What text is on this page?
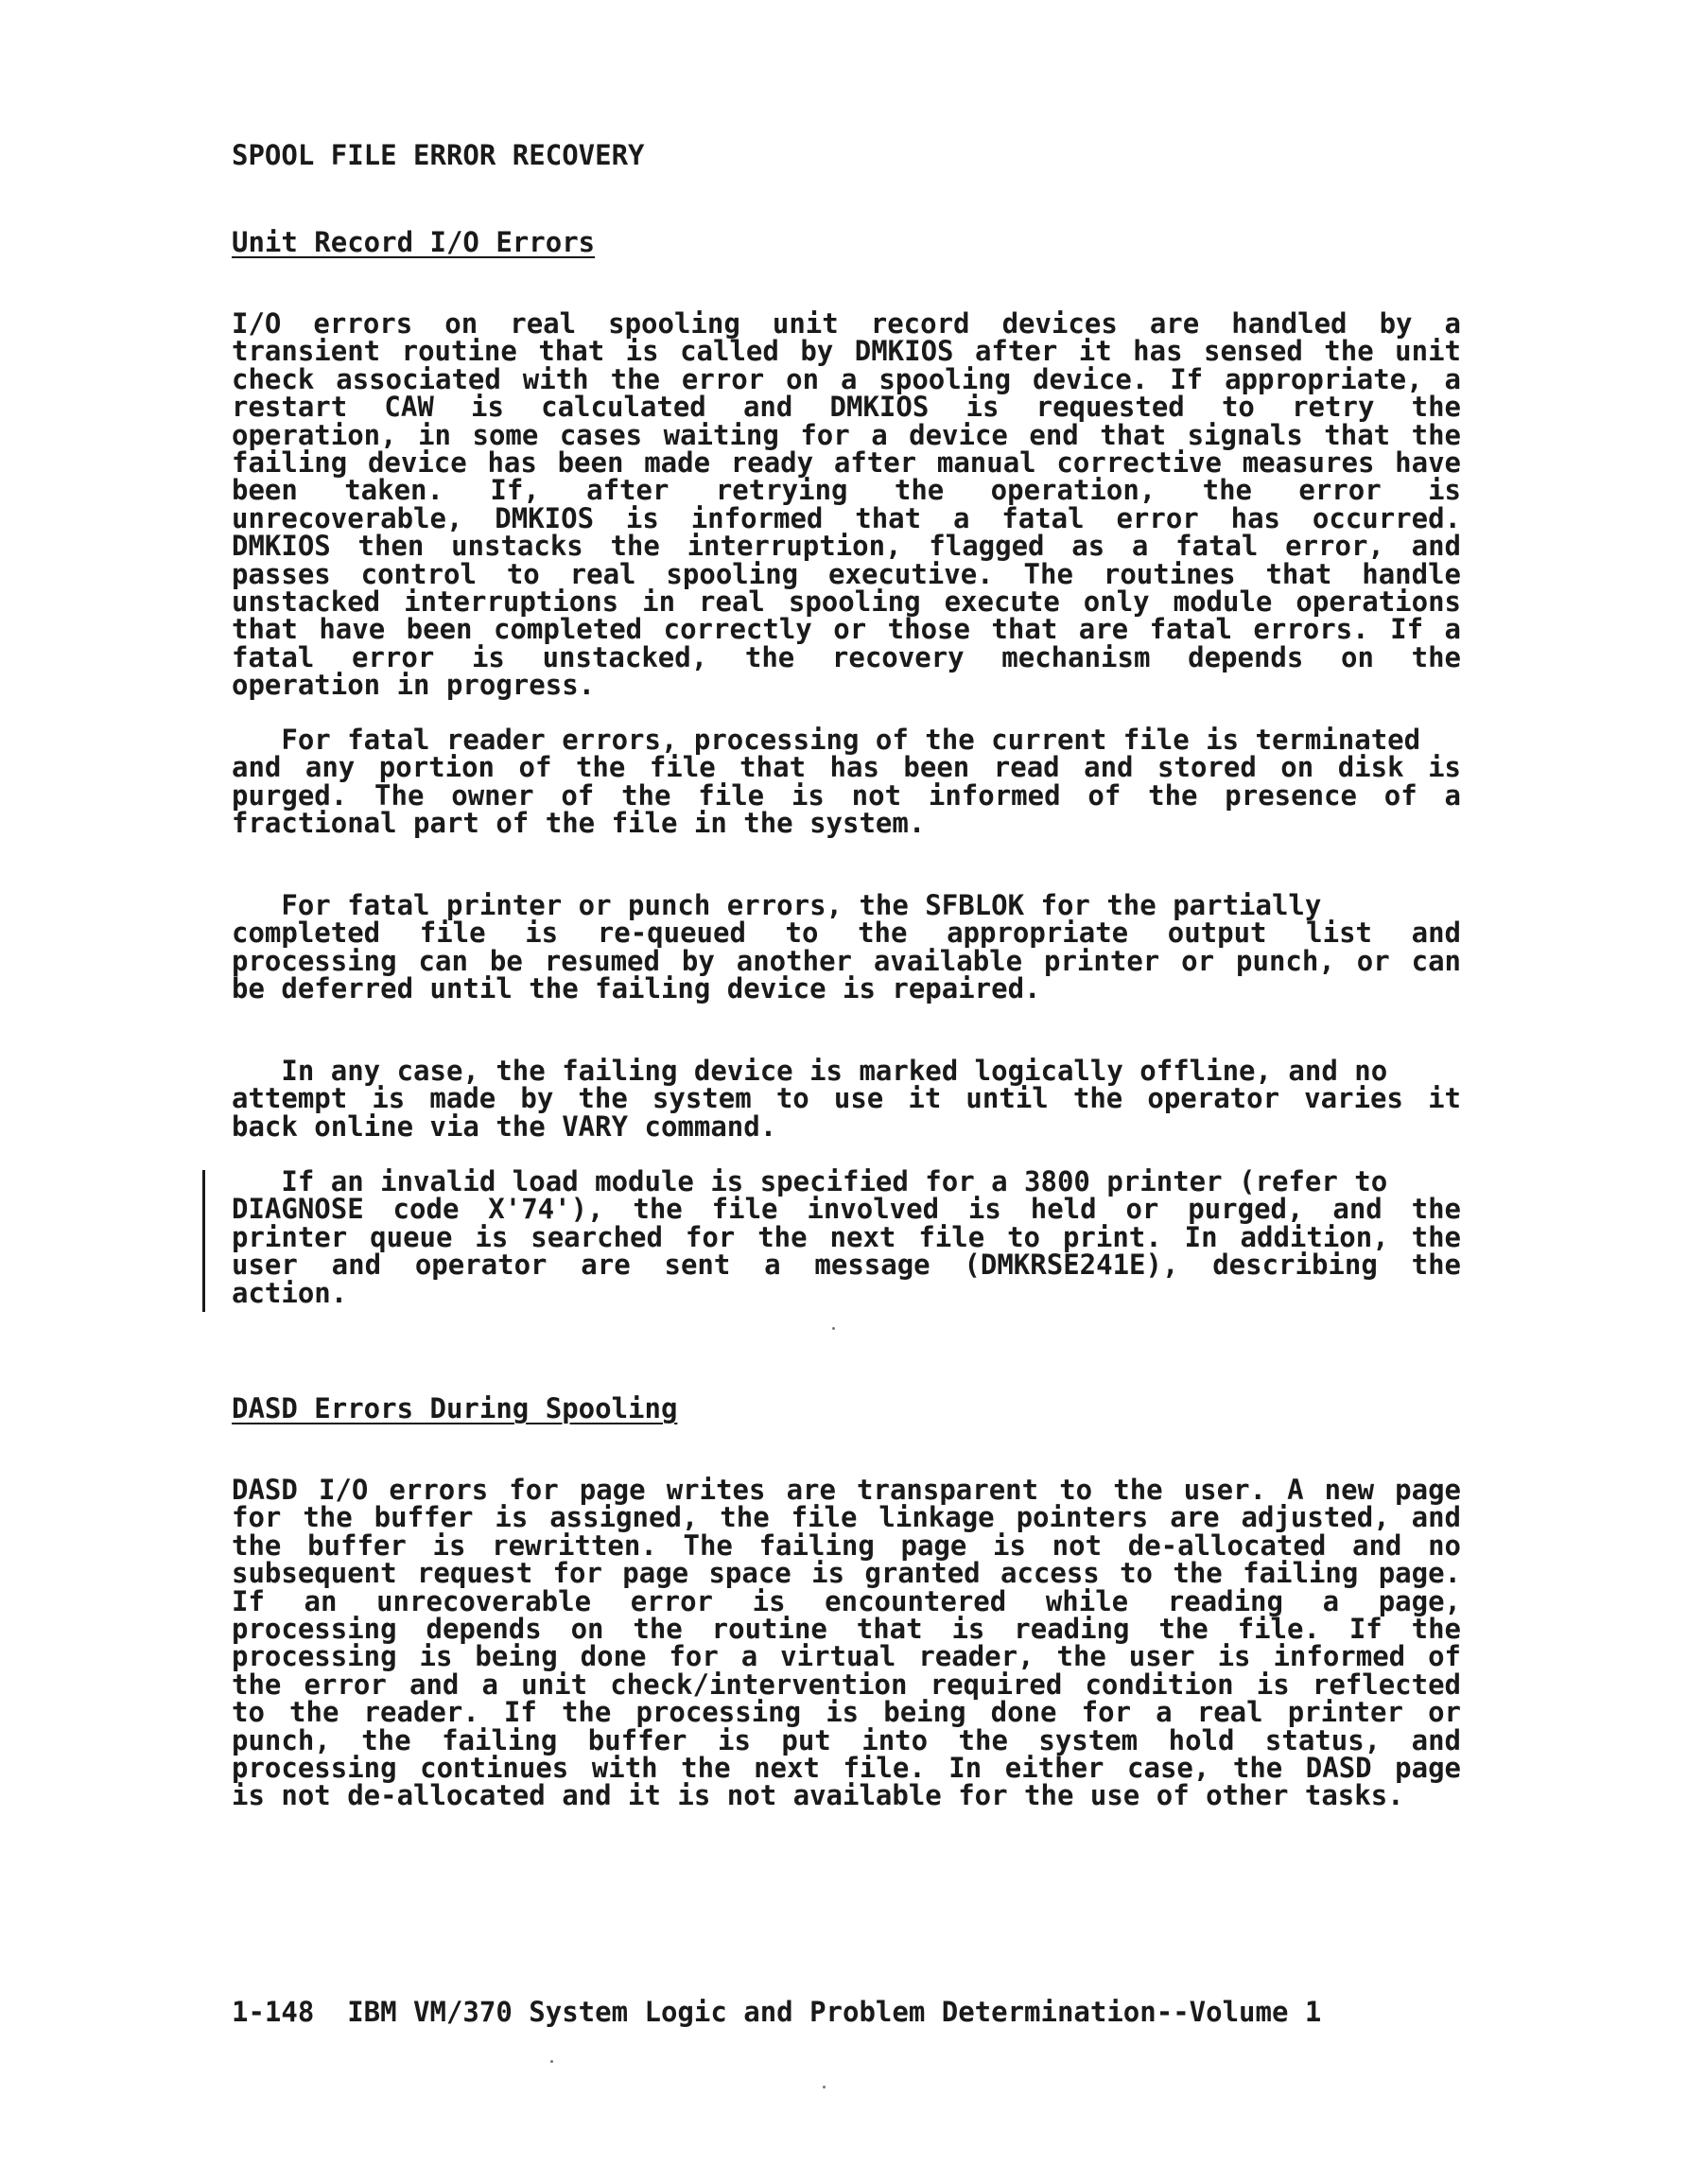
SPOOL FILE ERROR RECOVERY
Unit Record I/O Errors
I/O errors on real spooling unit record devices are handled by a
transient routine that is called by DMKIOS after it has sensed the unit
check associated with the error on a spooling device. If appropriate, a
restart CAW is calculated and DMKIOS is requested to retry the
operation, in some cases waiting for a device end that signals that the
failing device has been made ready after manual corrective measures have
been taken. If, after retrying the operation, the error is
unrecoverable, DMKIOS is informed that a fatal error has occurred.
DMKIOS then unstacks the interruption, flagged as a fatal error, and
passes control to real spooling executive. The routines that handle
unstacked interruptions in real spooling execute only module operations
that have been completed correctly or those that are fatal errors. If a
fatal error is unstacked, the recovery mechanism depends on the
operation in progress.
For fatal reader errors, processing of the current file is terminated
and any portion of the file that has been read and stored on disk is
purged. The owner of the file is not informed of the presence of a
fractional part of the file in the system.
For fatal printer or punch errors, the SFBLOK for the partially
completed file is re-queued to the appropriate output list and
processing can be resumed by another available printer or punch, or can
be deferred until the failing device is repaired.
In any case, the failing device is marked logically offline, and no
attempt is made by the system to use it until the operator varies it
back online via the VARY command.
If an invalid load module is specified for a 3800 printer (refer to
DIAGNOSE code X'74'), the file involved is held or purged, and the
printer queue is searched for the next file to print. In addition, the
user and operator are sent a message (DMKRSE241E), describing the
action.
DASD Errors During Spooling
DASD I/O errors for page writes are transparent to the user. A new page
for the buffer is assigned, the file linkage pointers are adjusted, and
the buffer is rewritten. The failing page is not de-allocated and no
subsequent request for page space is granted access to the failing page.
If an unrecoverable error is encountered while reading a page,
processing depends on the routine that is reading the file. If the
processing is being done for a virtual reader, the user is informed of
the error and a unit check/intervention required condition is reflected
to the reader. If the processing is being done for a real printer or
punch, the failing buffer is put into the system hold status, and
processing continues with the next file. In either case, the DASD page
is not de-allocated and it is not available for the use of other tasks.
1-148  IBM VM/370 System Logic and Problem Determination--Volume 1
